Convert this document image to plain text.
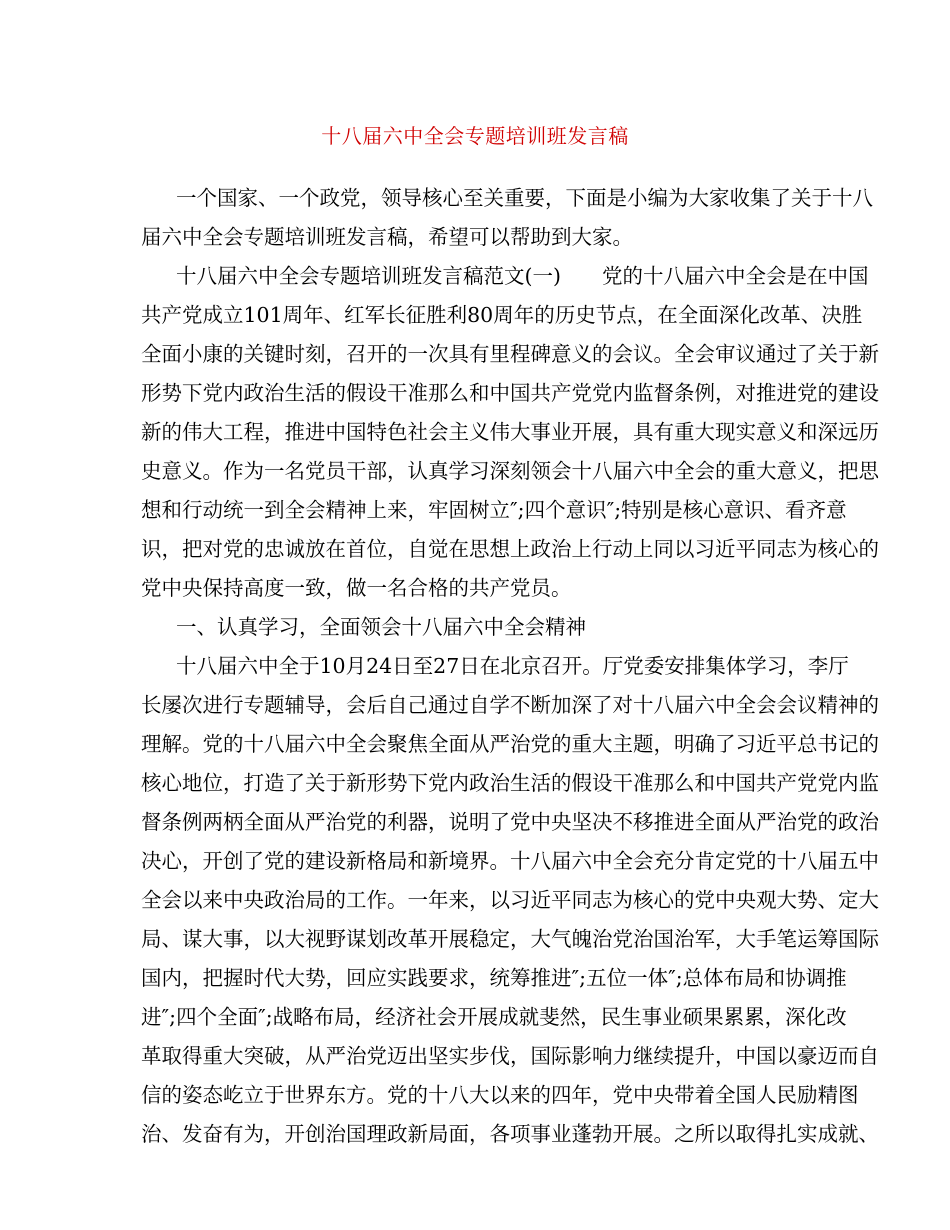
十八届六中全会专题培训班发言稿
一个国家、一个政党，领导核心至关重要，下面是小编为大家收集了关于十八
届六中全会专题培训班发言稿，希望可以帮助到大家。
十八届六中全会专题培训班发言稿范文(一)　　党的十八届六中全会是在中国
共产党成立101周年、红军长征胜利80周年的历史节点，在全面深化改革、决胜
全面小康的关键时刻，召开的一次具有里程碑意义的会议。全会审议通过了关于新
形势下党内政治生活的假设干准那么和中国共产党党内监督条例，对推进党的建设
新的伟大工程，推进中国特色社会主义伟大事业开展，具有重大现实意义和深远历
史意义。作为一名党员干部，认真学习深刻领会十八届六中全会的重大意义，把思
想和行动统一到全会精神上来，牢固树立″;四个意识″;特别是核心意识、看齐意
识，把对党的忠诚放在首位，自觉在思想上政治上行动上同以习近平同志为核心的
党中央保持高度一致，做一名合格的共产党员。
一、认真学习，全面领会十八届六中全会精神
十八届六中全于10月24日至27日在北京召开。厅党委安排集体学习，李厅
长屡次进行专题辅导，会后自己通过自学不断加深了对十八届六中全会会议精神的
理解。党的十八届六中全会聚焦全面从严治党的重大主题，明确了习近平总书记的
核心地位，打造了关于新形势下党内政治生活的假设干准那么和中国共产党党内监
督条例两柄全面从严治党的利器，说明了党中央坚决不移推进全面从严治党的政治
决心，开创了党的建设新格局和新境界。十八届六中全会充分肯定党的十八届五中
全会以来中央政治局的工作。一年来，以习近平同志为核心的党中央观大势、定大
局、谋大事，以大视野谋划改革开展稳定，大气魄治党治国治军，大手笔运筹国际
国内，把握时代大势，回应实践要求，统筹推进″;五位一体″;总体布局和协调推
进″;四个全面″;战略布局，经济社会开展成就斐然，民生事业硕果累累，深化改
革取得重大突破，从严治党迈出坚实步伐，国际影响力继续提升，中国以豪迈而自
信的姿态屹立于世界东方。党的十八大以来的四年，党中央带着全国人民励精图
治、发奋有为，开创治国理政新局面，各项事业蓬勃开展。之所以取得扎实成就、
